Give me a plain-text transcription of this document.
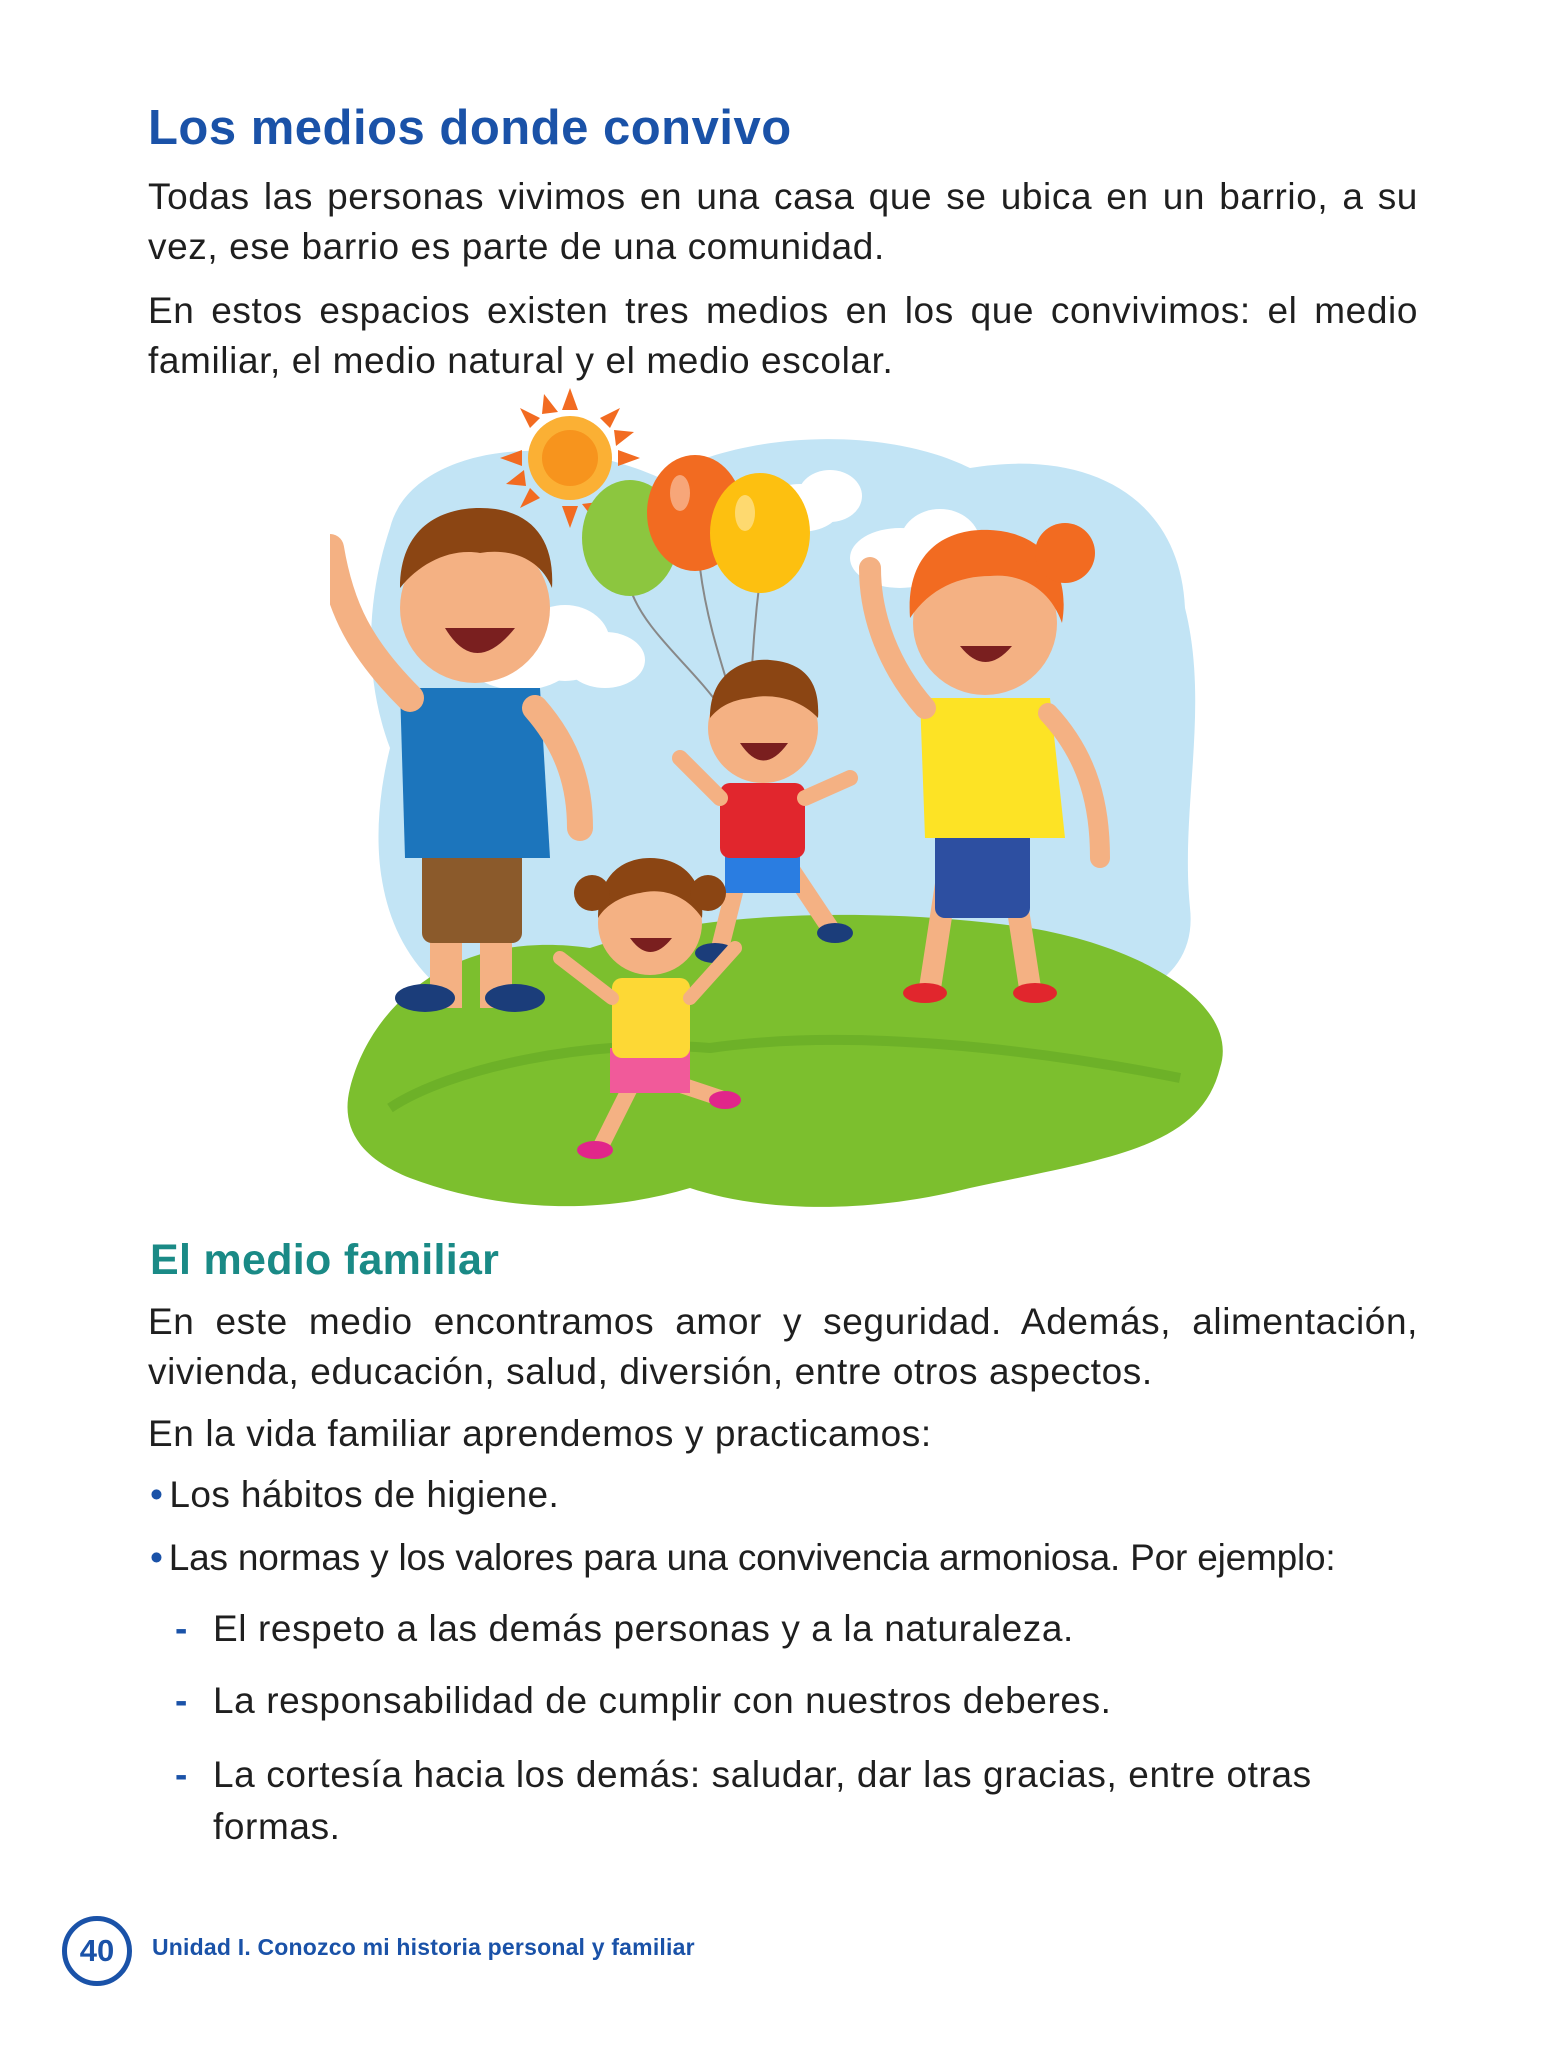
Los medios donde convivo

Todas las personas vivimos en una casa que se ubica en un barrio, a su vez, ese barrio es parte de una comunidad.

En estos espacios existen tres medios en los que convivimos: el medio familiar, el medio natural y el medio escolar.

El medio familiar

En este medio encontramos amor y seguridad. Además, alimentación, vivienda, educación, salud, diversión, entre otros aspectos.

En la vida familiar aprendemos y practicamos:

• Los hábitos de higiene.

• Las normas y los valores para una convivencia armoniosa. Por ejemplo:

- El respeto a las demás personas y a la naturaleza.

- La responsabilidad de cumplir con nuestros deberes.

- La cortesía hacia los demás: saludar, dar las gracias, entre otras formas.

40	Unidad I. Conozco mi historia personal y familiar
